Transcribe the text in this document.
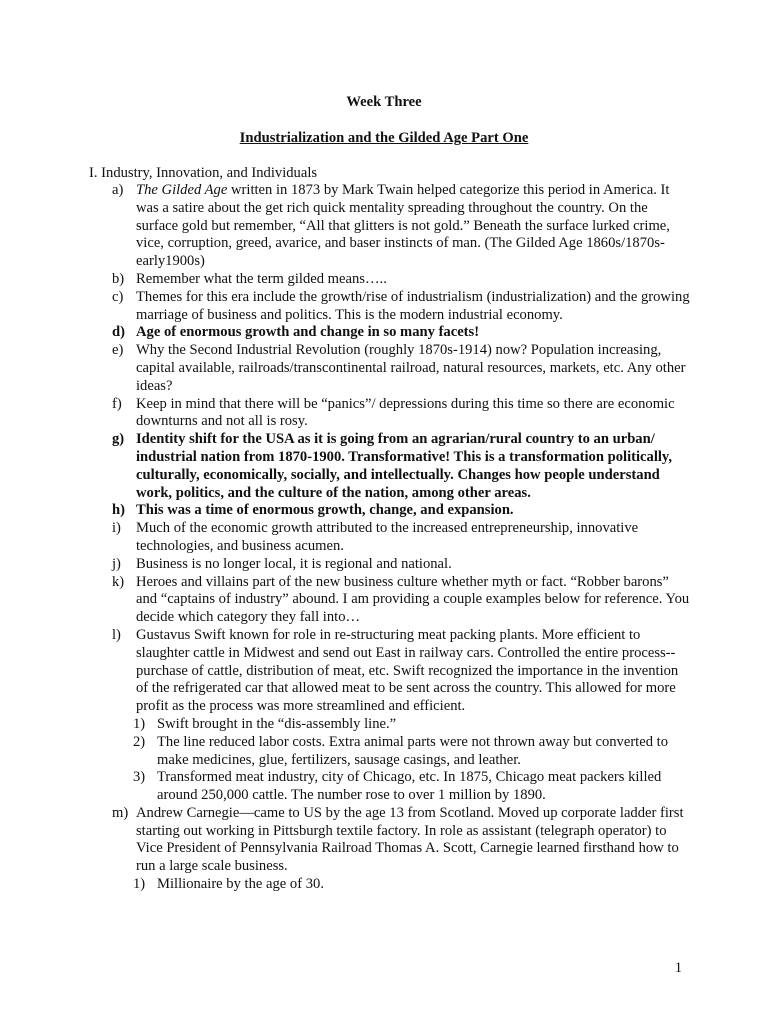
Week Three
Industrialization and the Gilded Age Part One
I. Industry, Innovation, and Individuals
a) The Gilded Age written in 1873 by Mark Twain helped categorize this period in America. It was a satire about the get rich quick mentality spreading throughout the country. On the surface gold but remember, “All that glitters is not gold.” Beneath the surface lurked crime, vice, corruption, greed, avarice, and baser instincts of man. (The Gilded Age 1860s/1870s-early1900s)
b) Remember what the term gilded means…..
c) Themes for this era include the growth/rise of industrialism (industrialization) and the growing marriage of business and politics. This is the modern industrial economy.
d) Age of enormous growth and change in so many facets!
e) Why the Second Industrial Revolution (roughly 1870s-1914) now? Population increasing, capital available, railroads/transcontinental railroad, natural resources, markets, etc. Any other ideas?
f) Keep in mind that there will be “panics”/ depressions during this time so there are economic downturns and not all is rosy.
g) Identity shift for the USA as it is going from an agrarian/rural country to an urban/ industrial nation from 1870-1900. Transformative! This is a transformation politically, culturally, economically, socially, and intellectually. Changes how people understand work, politics, and the culture of the nation, among other areas.
h) This was a time of enormous growth, change, and expansion.
i) Much of the economic growth attributed to the increased entrepreneurship, innovative technologies, and business acumen.
j) Business is no longer local, it is regional and national.
k) Heroes and villains part of the new business culture whether myth or fact. “Robber barons” and “captains of industry” abound. I am providing a couple examples below for reference. You decide which category they fall into…
l) Gustavus Swift known for role in re-structuring meat packing plants. More efficient to slaughter cattle in Midwest and send out East in railway cars. Controlled the entire process--purchase of cattle, distribution of meat, etc. Swift recognized the importance in the invention of the refrigerated car that allowed meat to be sent across the country. This allowed for more profit as the process was more streamlined and efficient.
1) Swift brought in the “dis-assembly line.”
2) The line reduced labor costs. Extra animal parts were not thrown away but converted to make medicines, glue, fertilizers, sausage casings, and leather.
3) Transformed meat industry, city of Chicago, etc. In 1875, Chicago meat packers killed around 250,000 cattle. The number rose to over 1 million by 1890.
m) Andrew Carnegie—came to US by the age 13 from Scotland. Moved up corporate ladder first starting out working in Pittsburgh textile factory. In role as assistant (telegraph operator) to Vice President of Pennsylvania Railroad Thomas A. Scott, Carnegie learned firsthand how to run a large scale business.
1) Millionaire by the age of 30.
1
